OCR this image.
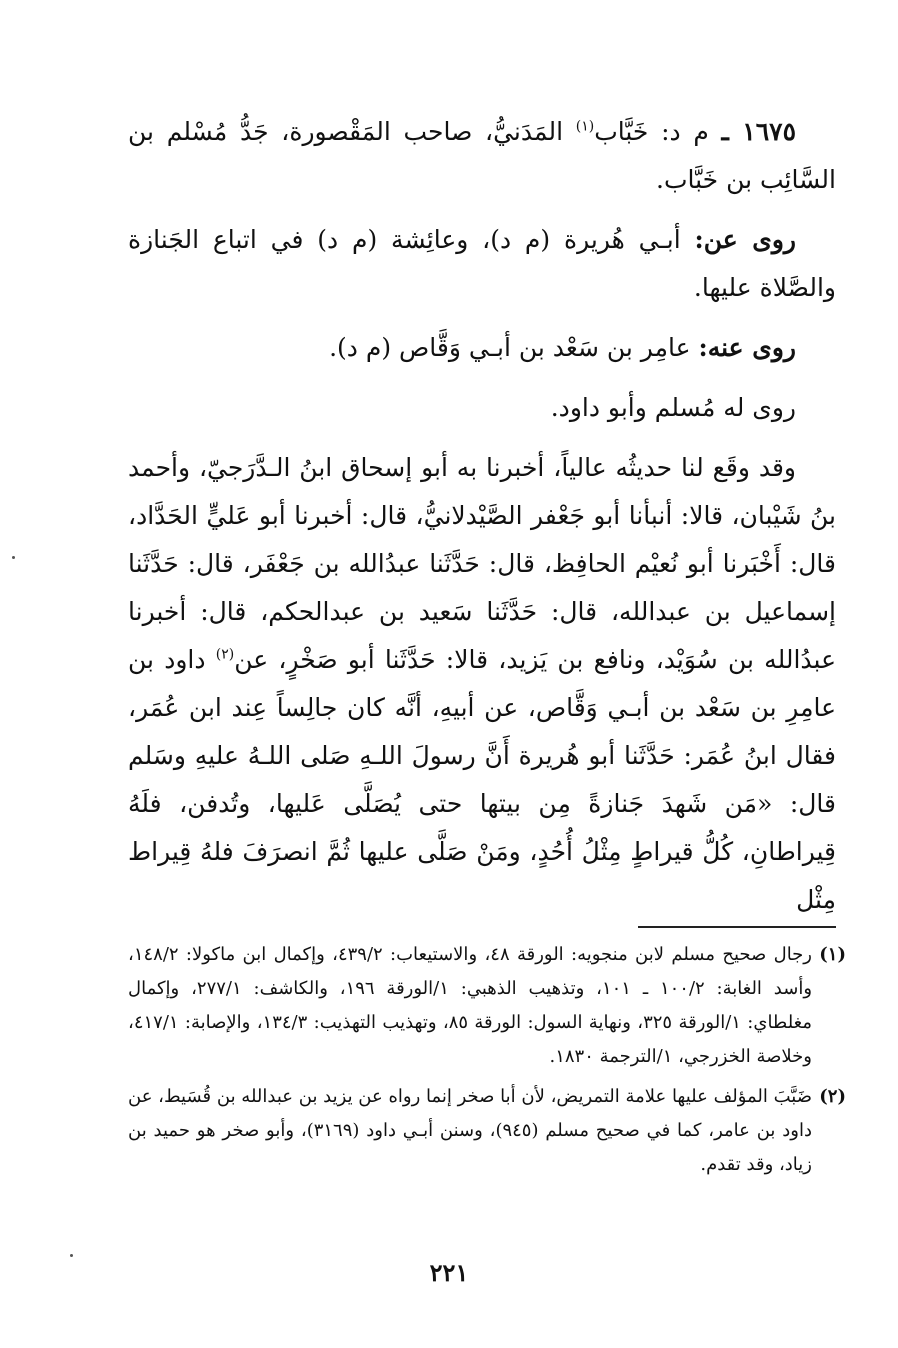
١٦٧٥ ـ م د: خَبَّاب$^{(١)}$ المَدَنيُّ، صاحب المَقْصورة، جَدُّ مُسْلم بن السَّائِب بن خَبَّاب.

روى عن: أبـي هُريرة (م د)، وعائِشة (م د) في اتباع الجَنازة والصَّلاة عليها.

روى عنه: عامِر بن سَعْد بن أبـي وَقَّاص (م د).

روى له مُسلم وأبو داود.

وقد وقَع لنا حديثُه عالياً، أخبرنا به أبو إسحاق ابنُ الـدَّرَجيّ، وأحمد بنُ شَيْبان، قالا: أنبأنا أبو جَعْفر الصَّيْدلانيُّ، قال: أخبرنا أبو عَليٍّ الحَدَّاد، قال: أَخْبَرنا أبو نُعيْم الحافِظ، قال: حَدَّثَنا عبدُالله بن جَعْفَر، قال: حَدَّثَنا إسماعيل بن عبدالله، قال: حَدَّثَنا سَعيد بن عبدالحكم، قال: أخبرنا عبدُالله بن سُوَيْد، ونافع بن يَزيد، قالا: حَدَّثَنا أبو صَخْرٍ، عن$^{(٢)}$ داود بن عامِرِ بن سَعْد بن أبـي وَقَّاص، عن أبيهِ، أنَّه كان جالِساً عِند ابن عُمَر، فقال ابنُ عُمَر: حَدَّثَنا أبو هُريرة أَنَّ رسولَ اللـهِ صَلى اللـهُ عليهِ وسَلم قال: «مَن شَهدَ جَنازةً مِن بيتها حتى يُصَلَّى عَليها، وتُدفن، فلَهُ قِيراطانِ، كُلُّ قيراطٍ مِثْلُ أُحُدٍ، ومَنْ صَلَّى عليها ثُمَّ انصرَفَ فلهُ قِيراط مِثْل

(١)
رجال صحيح مسلم لابن منجويه: الورقة ٤٨، والاستيعاب: ٤٣٩/٢، وإكمال ابن ماكولا: ١٤٨/٢، وأسد الغابة: ١٠٠/٢ ـ ١٠١، وتذهيب الذهبي: ١/الورقة ١٩٦، والكاشف: ٢٧٧/١، وإكمال مغلطاي: ١/الورقة ٣٢٥، ونهاية السول: الورقة ٨٥، وتهذيب التهذيب: ١٣٤/٣، والإصابة: ٤١٧/١، وخلاصة الخزرجي، ١/الترجمة ١٨٣٠.
(٢)
ضَبَّبَ المؤلف عليها علامة التمريض، لأن أبا صخر إنما رواه عن يزيد بن عبدالله بن قُسَيط، عن داود بن عامر، كما في صحيح مسلم (٩٤٥)، وسنن أبـي داود (٣١٦٩)، وأبو صخر هو حميد بن زياد، وقد تقدم.
٢٢١
